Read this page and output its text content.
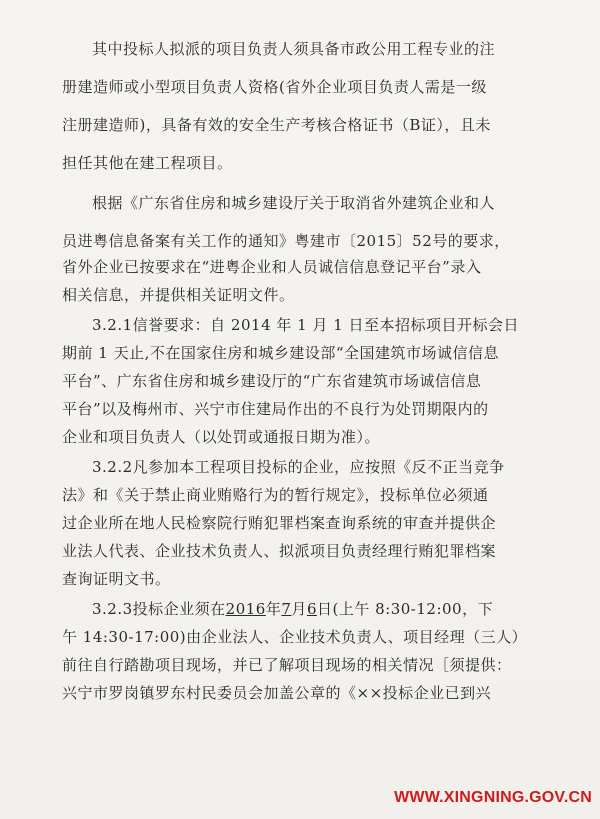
其中投标人拟派的项目负责人须具备市政公用工程专业的注
册建造师或小型项目负责人资格(省外企业项目负责人需是一级
注册建造师)，具备有效的安全生产考核合格证书（B证），且未
担任其他在建工程项目。
根据《广东省住房和城乡建设厅关于取消省外建筑企业和人
员进粤信息备案有关工作的通知》粤建市〔2015〕52号的要求，
省外企业已按要求在“进粤企业和人员诚信信息登记平台”录入
相关信息，并提供相关证明文件。
3.2.1信誉要求：自 2014 年 1 月 1 日至本招标项目开标会日
期前 1 天止,不在国家住房和城乡建设部“全国建筑市场诚信信息
平台”、广东省住房和城乡建设厅的“广东省建筑市场诚信信息
平台”以及梅州市、兴宁市住建局作出的不良行为处罚期限内的
企业和项目负责人（以处罚或通报日期为准）。
3.2.2凡参加本工程项目投标的企业，应按照《反不正当竞争
法》和《关于禁止商业贿赂行为的暂行规定》，投标单位必须通
过企业所在地人民检察院行贿犯罪档案查询系统的审查并提供企
业法人代表、企业技术负责人、拟派项目负责经理行贿犯罪档案
查询证明文书。
3.2.3投标企业须在2016年7月6日(上午 8:30-12:00，下
午 14:30-17:00)由企业法人、企业技术负责人、项目经理（三人）
前往自行踏勘项目现场，并已了解项目现场的相关情况［须提供：
兴宁市罗岗镇罗东村民委员会加盖公章的《××投标企业已到兴
WWW.XINGNING.GOV.CN
